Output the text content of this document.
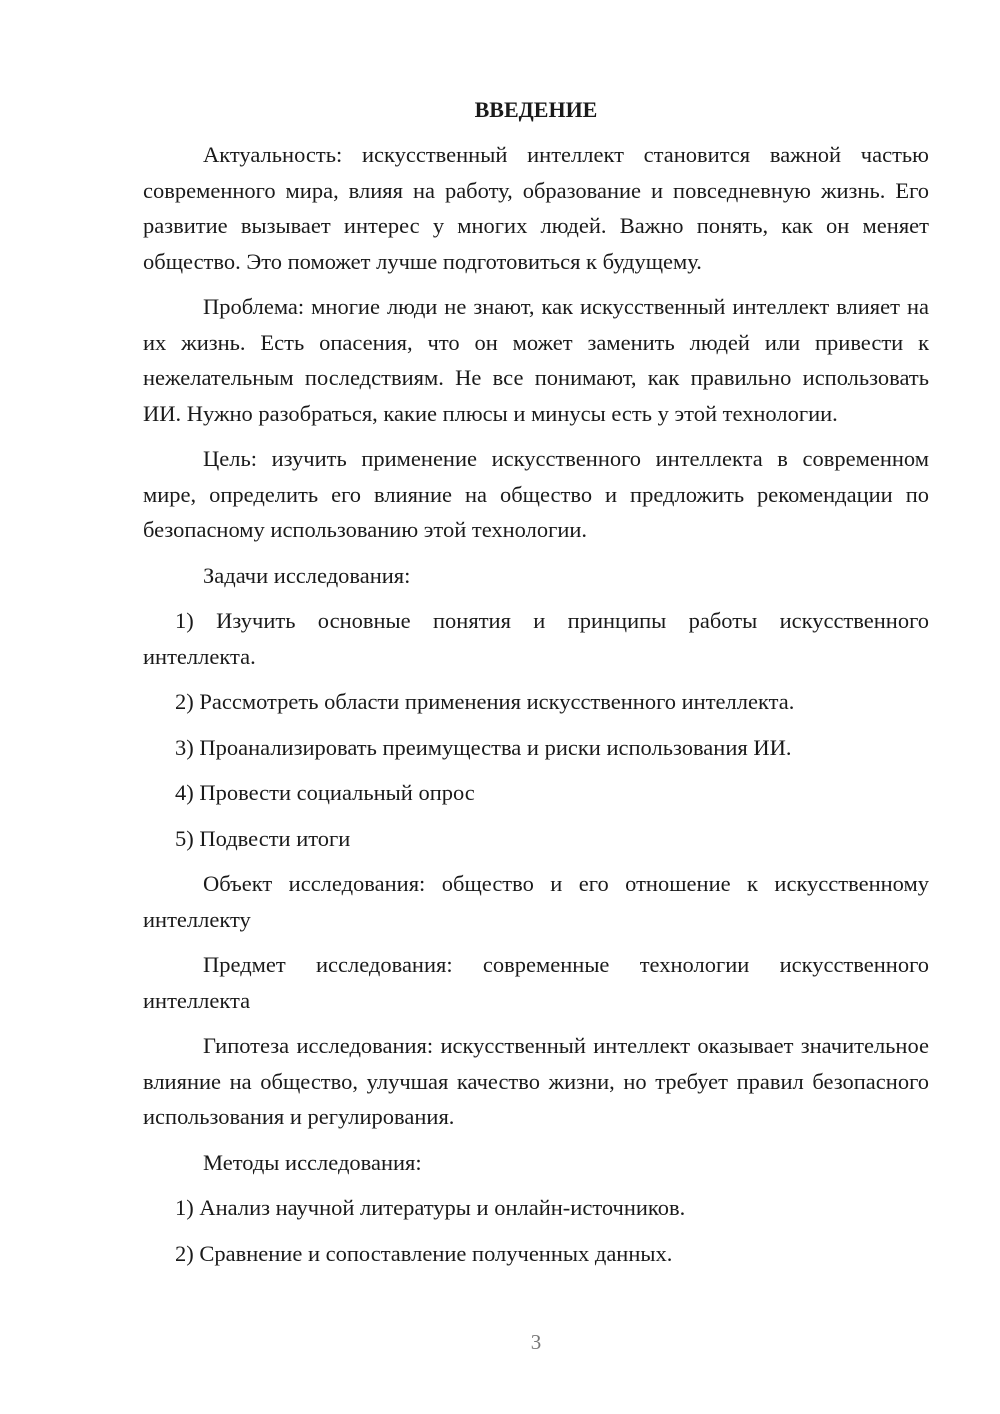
ВВЕДЕНИЕ

Актуальность: искусственный интеллект становится важной частью современного мира, влияя на работу, образование и повседневную жизнь. Его развитие вызывает интерес у многих людей. Важно понять, как он меняет общество. Это поможет лучше подготовиться к будущему.

Проблема: многие люди не знают, как искусственный интеллект влияет на их жизнь. Есть опасения, что он может заменить людей или привести к нежелательным последствиям. Не все понимают, как правильно использовать ИИ. Нужно разобраться, какие плюсы и минусы есть у этой технологии.

Цель: изучить применение искусственного интеллекта в современном мире, определить его влияние на общество и предложить рекомендации по безопасному использованию этой технологии.

Задачи исследования:

1) Изучить основные понятия и принципы работы искусственного интеллекта.

2) Рассмотреть области применения искусственного интеллекта.

3) Проанализировать преимущества и риски использования ИИ.

4) Провести социальный опрос

5) Подвести итоги

Объект исследования: общество и его отношение к искусственному интеллекту

Предмет исследования: современные технологии искусственного интеллекта

Гипотеза исследования: искусственный интеллект оказывает значительное влияние на общество, улучшая качество жизни, но требует правил безопасного использования и регулирования.

Методы исследования:

1) Анализ научной литературы и онлайн-источников.

2) Сравнение и сопоставление полученных данных.

3
